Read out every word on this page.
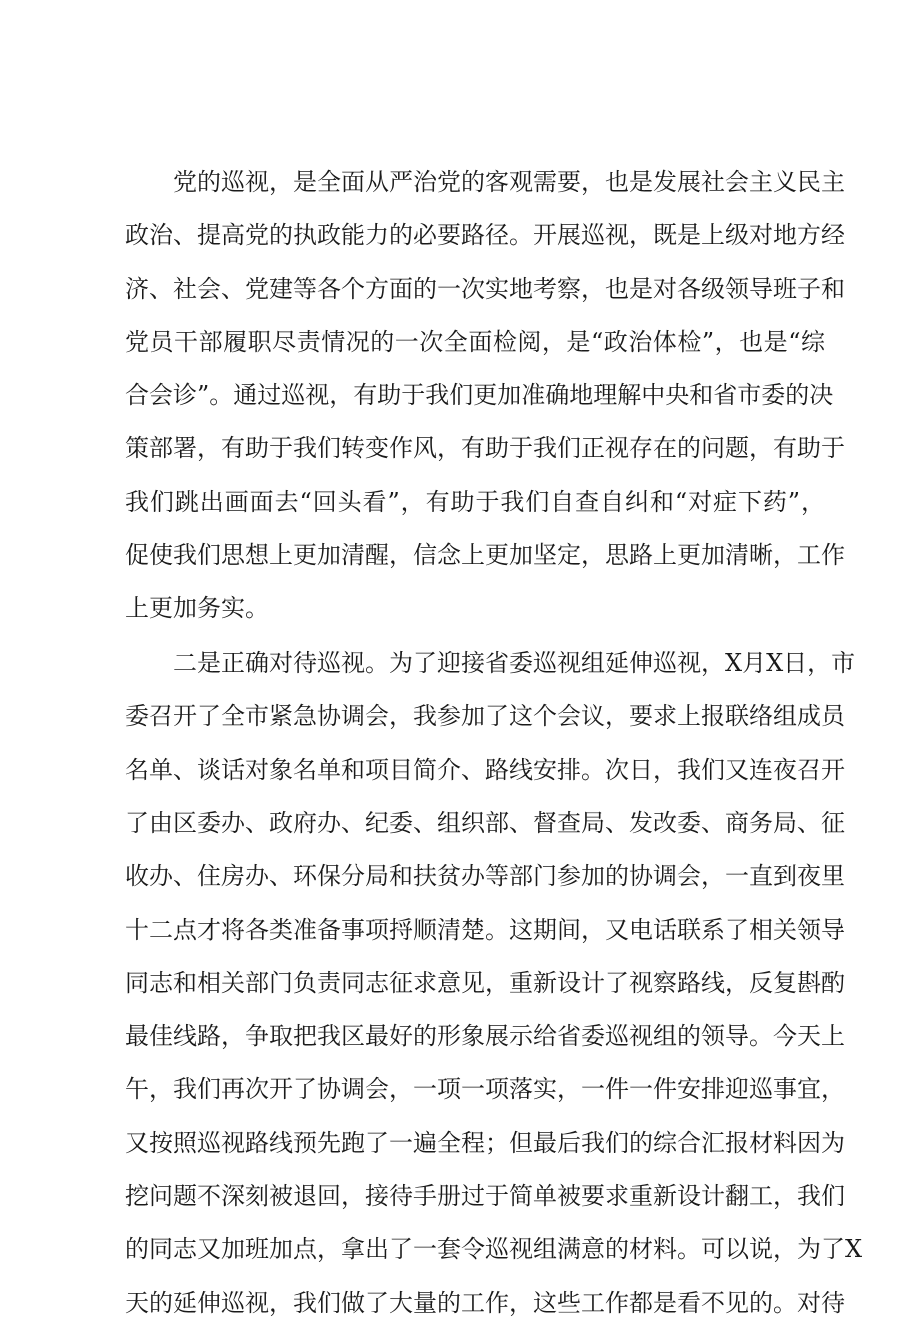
党的巡视，是全面从严治党的客观需要，也是发展社会主义民主
政治、提高党的执政能力的必要路径。开展巡视，既是上级对地方经
济、社会、党建等各个方面的一次实地考察，也是对各级领导班子和
党员干部履职尽责情况的一次全面检阅，是“政治体检”，也是“综
合会诊”。通过巡视，有助于我们更加准确地理解中央和省市委的决
策部署，有助于我们转变作风，有助于我们正视存在的问题，有助于
我们跳出画面去“回头看”，有助于我们自查自纠和“对症下药”，
促使我们思想上更加清醒，信念上更加坚定，思路上更加清晰，工作
上更加务实。
二是正确对待巡视。为了迎接省委巡视组延伸巡视，X月X日，市
委召开了全市紧急协调会，我参加了这个会议，要求上报联络组成员
名单、谈话对象名单和项目简介、路线安排。次日，我们又连夜召开
了由区委办、政府办、纪委、组织部、督查局、发改委、商务局、征
收办、住房办、环保分局和扶贫办等部门参加的协调会，一直到夜里
十二点才将各类准备事项捋顺清楚。这期间，又电话联系了相关领导
同志和相关部门负责同志征求意见，重新设计了视察路线，反复斟酌
最佳线路，争取把我区最好的形象展示给省委巡视组的领导。今天上
午，我们再次开了协调会，一项一项落实，一件一件安排迎巡事宜，
又按照巡视路线预先跑了一遍全程；但最后我们的综合汇报材料因为
挖问题不深刻被退回，接待手册过于简单被要求重新设计翻工，我们
的同志又加班加点，拿出了一套令巡视组满意的材料。可以说，为了X
天的延伸巡视，我们做了大量的工作，这些工作都是看不见的。对待
